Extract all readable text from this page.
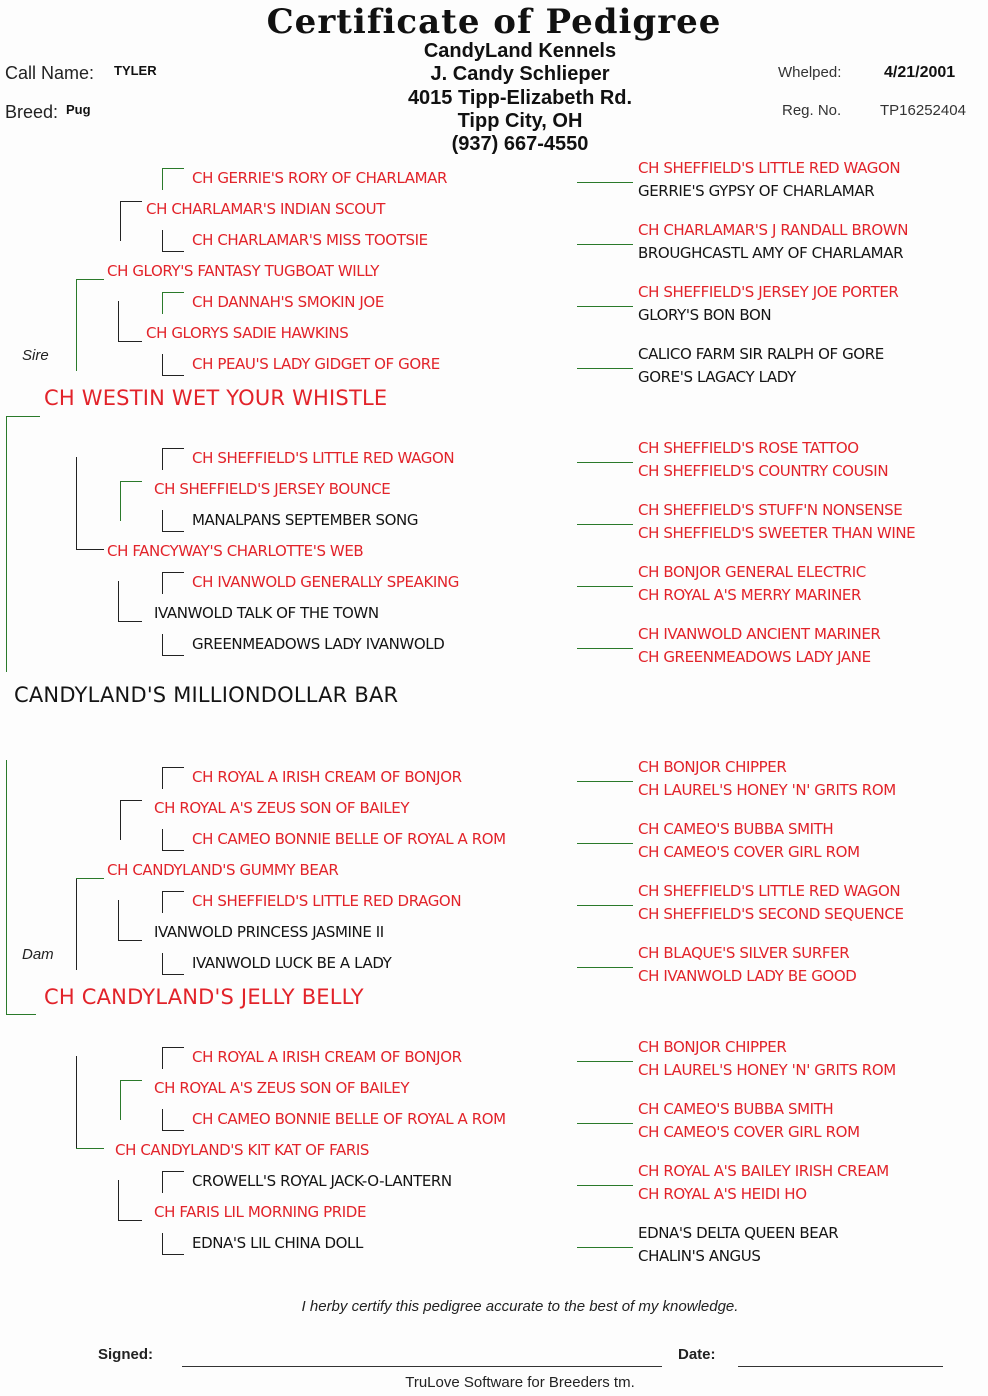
Certificate of Pedigree
CandyLand Kennels
J. Candy Schlieper
4015 Tipp-Elizabeth Rd.
Tipp City, OH
(937) 667-4550
Call Name: TYLER
Breed: Pug
Whelped:	4/21/2001
Reg. No.	TP16252404
CH GERRIE'S RORY OF CHARLAMAR
CH CHARLAMAR'S MISS TOOTSIE
CH DANNAH'S SMOKIN JOE
CH PEAU'S LADY GIDGET OF GORE
CH SHEFFIELD'S LITTLE RED WAGON
MANALPANS SEPTEMBER SONG
CH IVANWOLD GENERALLY SPEAKING
GREENMEADOWS LADY IVANWOLD
CH ROYAL A IRISH CREAM OF BONJOR
CH CAMEO BONNIE BELLE OF ROYAL A ROM
CH SHEFFIELD'S LITTLE RED DRAGON
IVANWOLD LUCK BE A LADY
CH ROYAL A IRISH CREAM OF BONJOR
CH CAMEO BONNIE BELLE OF ROYAL A ROM
CROWELL'S ROYAL JACK-O-LANTERN
EDNA'S LIL CHINA DOLL
CH CHARLAMAR'S INDIAN SCOUT
CH GLORYS SADIE HAWKINS
CH SHEFFIELD'S JERSEY BOUNCE
IVANWOLD TALK OF THE TOWN
CH ROYAL A'S ZEUS SON OF BAILEY
IVANWOLD PRINCESS JASMINE II
CH ROYAL A'S ZEUS SON OF BAILEY
CH FARIS LIL MORNING PRIDE
CH GLORY'S FANTASY TUGBOAT WILLY
CH FANCYWAY'S CHARLOTTE'S WEB
CH CANDYLAND'S GUMMY BEAR
CH CANDYLAND'S KIT KAT OF FARIS
CH WESTIN WET YOUR WHISTLE
Sire
CH CANDYLAND'S JELLY BELLY
Dam
CANDYLAND'S MILLIONDOLLAR BAR
CH SHEFFIELD'S LITTLE RED WAGON
GERRIE'S GYPSY OF CHARLAMAR
CH CHARLAMAR'S J RANDALL BROWN
BROUGHCASTL AMY OF CHARLAMAR
CH SHEFFIELD'S JERSEY JOE PORTER
GLORY'S BON BON
CALICO FARM SIR RALPH OF GORE
GORE'S LAGACY LADY
CH SHEFFIELD'S ROSE TATTOO
CH SHEFFIELD'S COUNTRY COUSIN
CH SHEFFIELD'S STUFF'N NONSENSE
CH SHEFFIELD'S SWEETER THAN WINE
CH BONJOR GENERAL ELECTRIC
CH ROYAL A'S MERRY MARINER
CH IVANWOLD ANCIENT MARINER
CH GREENMEADOWS LADY JANE
CH BONJOR CHIPPER
CH LAUREL'S HONEY 'N' GRITS ROM
CH CAMEO'S BUBBA SMITH
CH CAMEO'S COVER GIRL ROM
CH SHEFFIELD'S LITTLE RED WAGON
CH SHEFFIELD'S SECOND SEQUENCE
CH BLAQUE'S SILVER SURFER
CH IVANWOLD LADY BE GOOD
CH BONJOR CHIPPER
CH LAUREL'S HONEY 'N' GRITS ROM
CH CAMEO'S BUBBA SMITH
CH CAMEO'S COVER GIRL ROM
CH ROYAL A'S BAILEY IRISH CREAM
CH ROYAL A'S HEIDI HO
EDNA'S DELTA QUEEN BEAR
CHALIN'S ANGUS
I herby certify this pedigree accurate to the best of my knowledge.
Signed:	Date:
TruLove Software for Breeders tm.
